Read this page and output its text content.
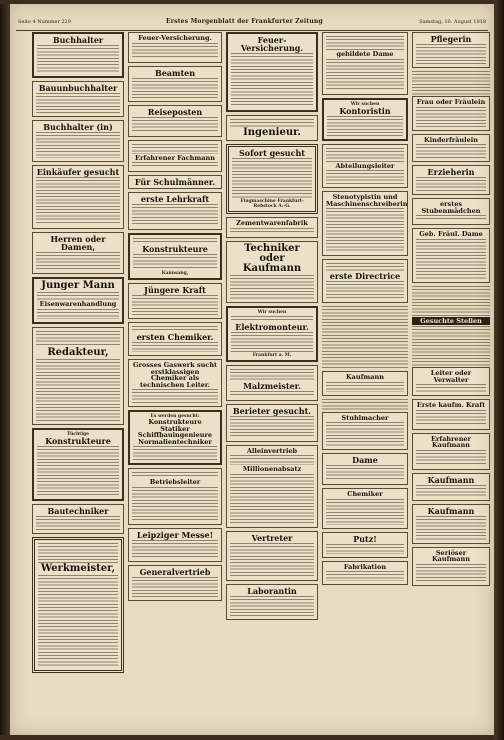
Seite 4 Nummer 229	Erstes Morgenblatt der Frankfurter Zeitung	Samstag, 10. August 1918
Buchhalter
Bauunbuchhalter
Buchhalter (in)
Einkäufer gesucht
Herren oder Damen,
Junger Mann
Eisenwarenhandlung
Redakteur,
Tüchtige
Konstrukteure
Bautechniker
Werkmeister,
Feuer-Versicherung.
Beamten
Reiseposten
Erfahrener Fachmann
Für Schulmänner.
erste Lehrkraft
Konstrukteure
Kannsang,
Jüngere Kraft
ersten Chemiker.
Grosses Gaswerk sucht
erstklassigen Chemiker als technischen Leiter.
Es werden gesucht:
Konstrukteure Statiker Schiffbauingenieure Normalientechniker
Betriebsleiter
Leipziger Messe!
Generalvertrieb
Feuer-Versicherung.
Ingenieur.
Sofort gesucht
Flugmaschine Frankfurt-Rebstock A.-G.
Zementwarenfabrik
Techniker oder Kaufmann
Wir suchen
Elektromonteur.
Frankfurt a. M.
Malzmeister.
Berieter gesucht.
Alleinvertrieb
Millionenabsatz
Vertreter
Laborantin
gebildete Dame
Wir suchen
Kontoristin
Abteilungsleiter
Stenotypistin und Maschinenschreiberin
erste Directrice
Kaufmann
Stuhlmacher
Dame
Chemiker
Putz!
Fabrikation
Pflegerin
Frau oder Fräulein
Kinderfräulein
Erzieherin
erstes Stubenmädchen
Geb. Fräul. Dame
Gesuchte Stellen
Leiter oder Verwalter
Erste kaufm. Kraft
Erfahrener Kaufmann
Kaufmann
Kaufmann
Seriöser Kaufmann
